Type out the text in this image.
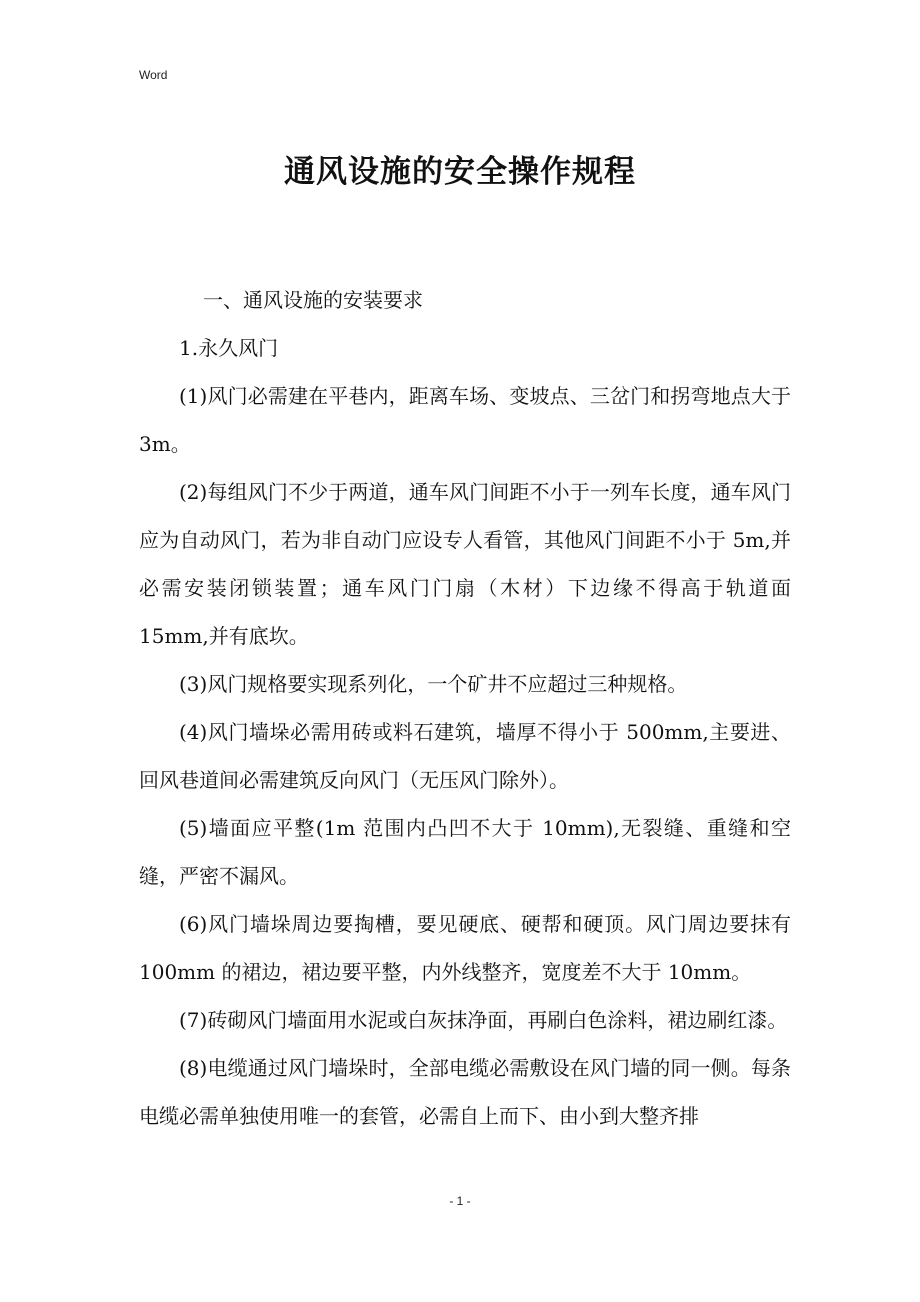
Word
通风设施的安全操作规程

一、通风设施的安装要求

1.永久风门

(1)风门必需建在平巷内，距离车场、变坡点、三岔门和拐弯地点大于 3m。

(2)每组风门不少于两道，通车风门间距不小于一列车长度，通车风门应为自动风门，若为非自动门应设专人看管，其他风门间距不小于 5m,并必需安装闭锁装置；通车风门门扇（木材）下边缘不得高于轨道面 15mm,并有底坎。

(3)风门规格要实现系列化，一个矿井不应超过三种规格。

(4)风门墙垛必需用砖或料石建筑，墙厚不得小于 500mm,主要进、回风巷道间必需建筑反向风门（无压风门除外）。

(5)墙面应平整(1m 范围内凸凹不大于 10mm),无裂缝、重缝和空缝，严密不漏风。

(6)风门墙垛周边要掏槽，要见硬底、硬帮和硬顶。风门周边要抹有 100mm 的裙边，裙边要平整，内外线整齐，宽度差不大于 10mm。

(7)砖砌风门墙面用水泥或白灰抹净面，再刷白色涂料，裙边刷红漆。

(8)电缆通过风门墙垛时，全部电缆必需敷设在风门墙的同一侧。每条电缆必需单独使用唯一的套管，必需自上而下、由小到大整齐排

- 1 -
